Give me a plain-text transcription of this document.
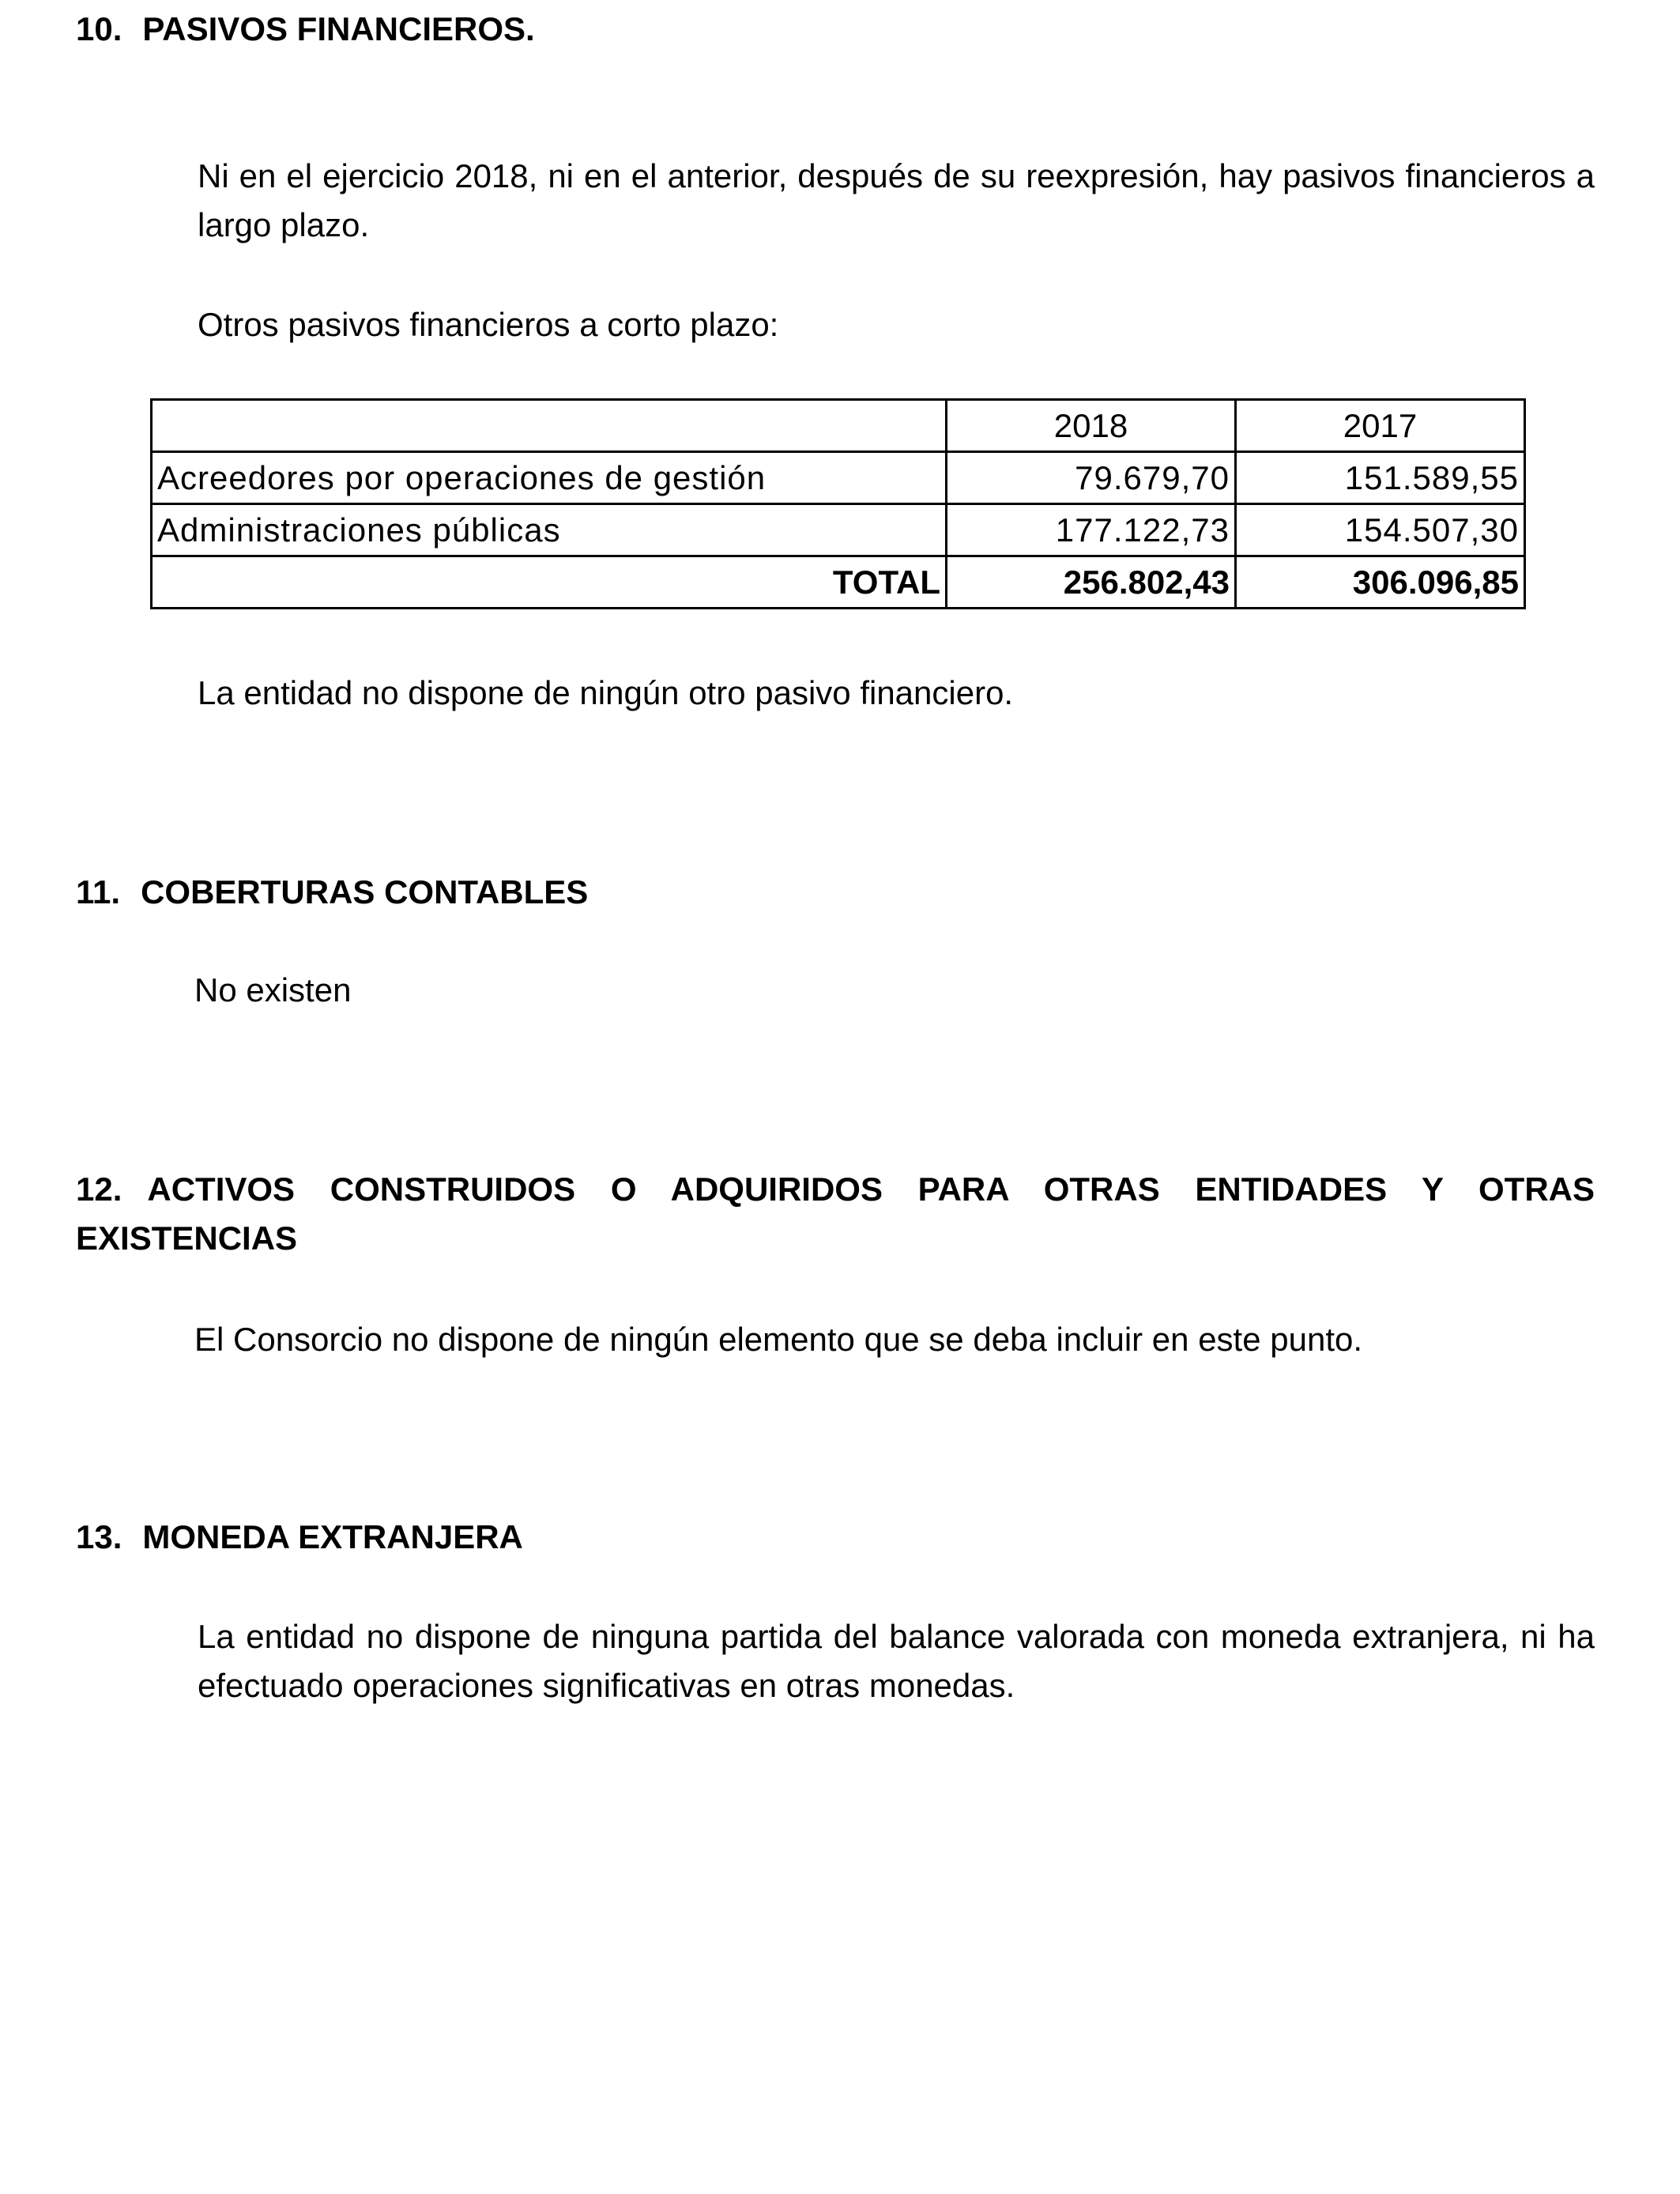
10. PASIVOS FINANCIEROS.

Ni en el ejercicio 2018, ni en el anterior, después de su reexpresión, hay pasivos financieros a largo plazo.

Otros pasivos financieros a corto plazo:

	2018	2017
Acreedores por operaciones de gestión	79.679,70	151.589,55
Administraciones públicas	177.122,73	154.507,30
TOTAL	256.802,43	306.096,85

La entidad no dispone de ningún otro pasivo financiero.

11. COBERTURAS CONTABLES

No existen

12. ACTIVOS CONSTRUIDOS O ADQUIRIDOS PARA OTRAS ENTIDADES Y OTRAS EXISTENCIAS

El Consorcio no dispone de ningún elemento que se deba incluir en este punto.

13. MONEDA EXTRANJERA

La entidad no dispone de ninguna partida del balance valorada con moneda extranjera, ni ha efectuado operaciones significativas en otras monedas.
